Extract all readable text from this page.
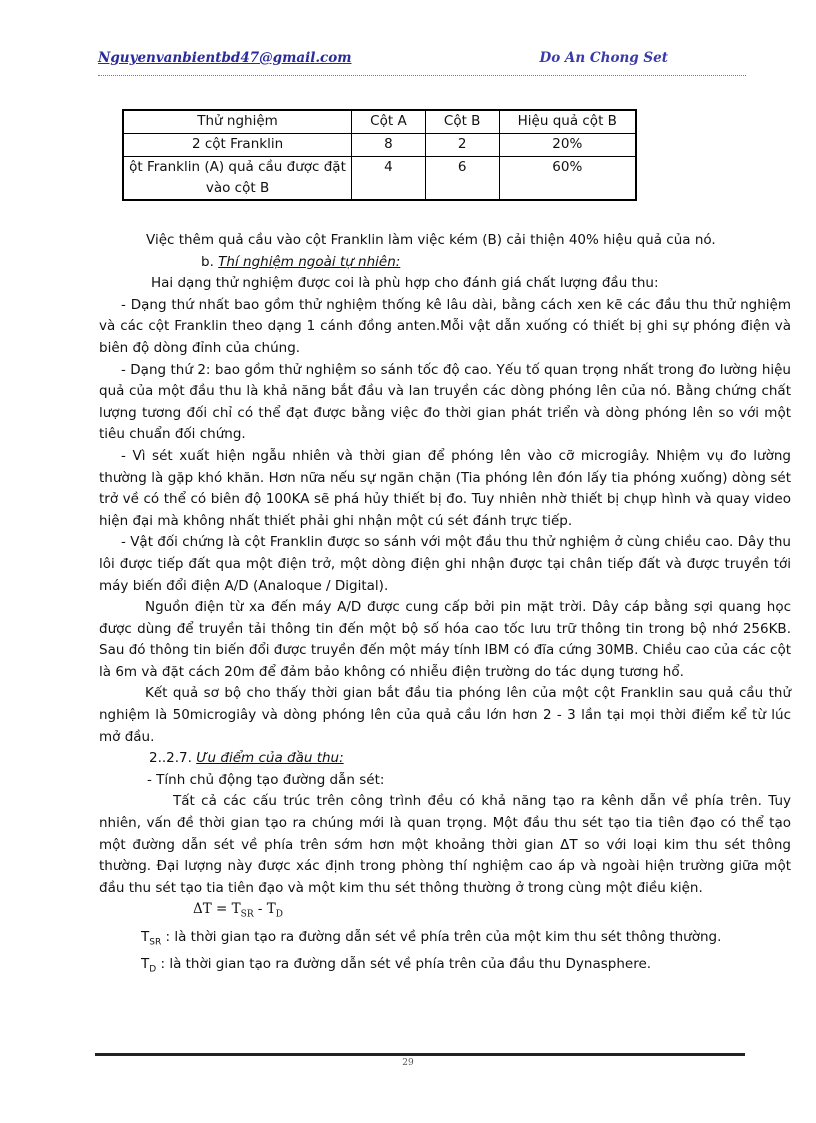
Nguyenvanbientbd47@gmail.com	Do An Chong Set
Thử nghiệm	Cột A	Cột B	Hiệu quả cột B
2 cột Franklin	8	2	20%

ột Franklin (A) quả cầu được đặt
vào cột B	4	6	60%

Việc thêm quả cầu vào cột Franklin làm việc kém (B) cải thiện 40% hiệu quả của nó.

b. Thí nghiệm ngoài tự nhiên:

Hai dạng thử nghiệm được coi là phù hợp cho đánh giá chất lượng đầu thu:

- Dạng thứ nhất bao gồm thử nghiệm thống kê lâu dài, bằng cách xen kẽ các đầu thu thử nghiệm và các cột Franklin theo dạng 1 cánh đồng anten.Mỗi vật dẫn xuống có thiết bị ghi sự phóng điện và biên độ dòng đỉnh của chúng.

- Dạng thứ 2: bao gồm thử nghiệm so sánh tốc độ cao. Yếu tố quan trọng nhất trong đo lường hiệu quả của một đầu thu là khả năng bắt đầu và lan truyền các dòng phóng lên của nó. Bằng chứng chất lượng tương đối chỉ có thể đạt được bằng việc đo thời gian phát triển và dòng phóng lên so với một tiêu chuẩn đối chứng.

- Vì sét xuất hiện ngẫu nhiên và thời gian để phóng lên vào cỡ microgiây. Nhiệm vụ đo lường thường là gặp khó khăn. Hơn nữa nếu sự ngăn chặn (Tia phóng lên đón lấy tia phóng xuống) dòng sét trở về có thể có biên độ 100KA sẽ phá hủy thiết bị đo. Tuy nhiên nhờ thiết bị chụp hình và quay video hiện đại mà không nhất thiết phải ghi nhận một cú sét đánh trực tiếp.

- Vật đối chứng là cột Franklin được so sánh với một đầu thu thử nghiệm ở cùng chiều cao. Dây thu lôi được tiếp đất qua một điện trở, một dòng điện ghi nhận được tại chân tiếp đất và được truyền tới máy biến đổi điện A/D (Analoque / Digital).

Nguồn điện từ xa đến máy A/D được cung cấp bởi pin mặt trời. Dây cáp bằng sợi quang học được dùng để truyền tải thông tin đến một bộ số hóa cao tốc lưu trữ thông tin trong bộ nhớ 256KB. Sau đó thông tin biến đổi được truyền đến một máy tính IBM có đĩa cứng 30MB. Chiều cao của các cột là 6m và đặt cách 20m để đảm bảo không có nhiễu điện trường do tác dụng tương hổ.

Kết quả sơ bộ cho thấy thời gian bắt đầu tia phóng lên của một cột Franklin sau quả cầu thử nghiệm là 50microgiây và dòng phóng lên của quả cầu lớn hơn 2 - 3 lần tại mọi thời điểm kể từ lúc mở đầu.

2..2.7. Ưu điểm của đầu thu:

- Tính chủ động tạo đường dẫn sét:

Tất cả các cấu trúc trên công trình đều có khả năng tạo ra kênh dẫn về phía trên. Tuy nhiên, vấn đề thời gian tạo ra chúng mới là quan trọng. Một đầu thu sét tạo tia tiên đạo có thể tạo một đường dẫn sét về phía trên sớm hơn một khoảng thời gian ΔT so với loại kim thu sét thông thường. Đại lượng này được xác định trong phòng thí nghiệm cao áp và ngoài hiện trường giữa một đầu thu sét tạo tia tiên đạo và một kim thu sét thông thường ở trong cùng một điều kiện.

$\Delta T = T_{SR} - T_D$

$T_{SR}$ : là thời gian tạo ra đường dẫn sét về phía trên của một kim thu sét thông thường.

$T_D$ : là thời gian tạo ra đường dẫn sét về phía trên của đầu thu Dynasphere.

29
